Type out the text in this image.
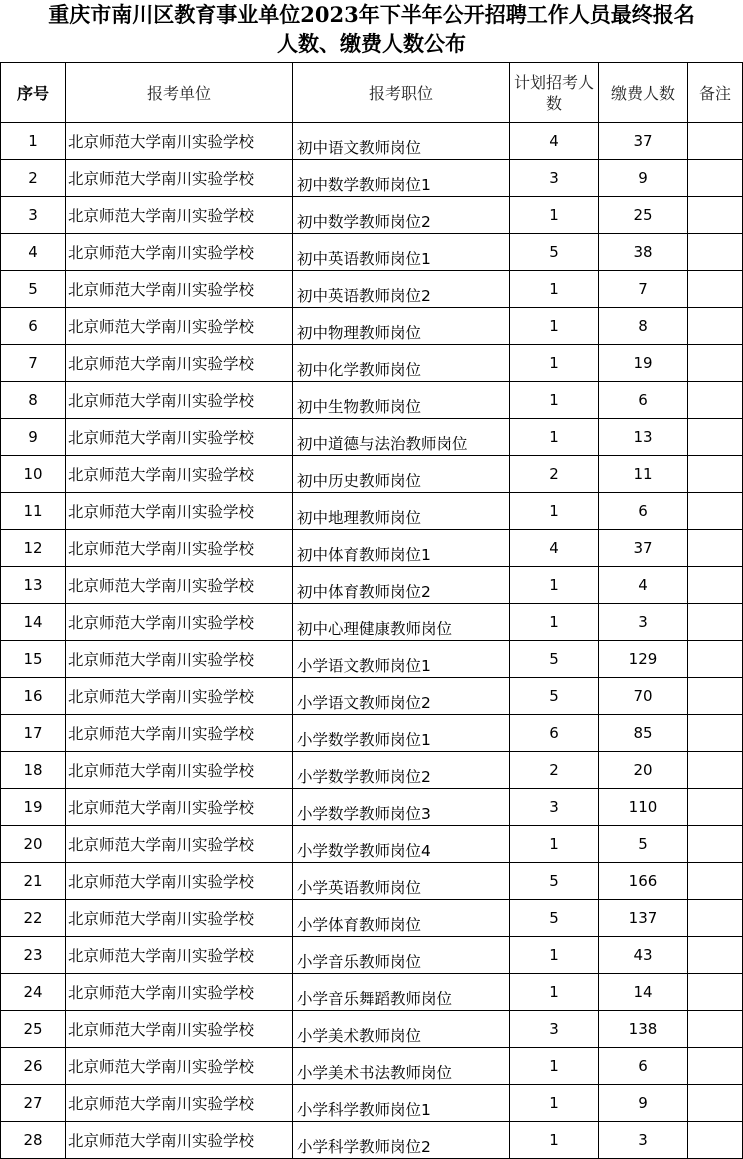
重庆市南川区教育事业单位2023年下半年公开招聘工作人员最终报名
人数、缴费人数公布
序号	报考单位	报考职位	计划招考人数	缴费人数	备注
1	北京师范大学南川实验学校	初中语文教师岗位	4	37	
2	北京师范大学南川实验学校	初中数学教师岗位1	3	9	
3	北京师范大学南川实验学校	初中数学教师岗位2	1	25	
4	北京师范大学南川实验学校	初中英语教师岗位1	5	38	
5	北京师范大学南川实验学校	初中英语教师岗位2	1	7	
6	北京师范大学南川实验学校	初中物理教师岗位	1	8	
7	北京师范大学南川实验学校	初中化学教师岗位	1	19	
8	北京师范大学南川实验学校	初中生物教师岗位	1	6	
9	北京师范大学南川实验学校	初中道德与法治教师岗位	1	13	
10	北京师范大学南川实验学校	初中历史教师岗位	2	11	
11	北京师范大学南川实验学校	初中地理教师岗位	1	6	
12	北京师范大学南川实验学校	初中体育教师岗位1	4	37	
13	北京师范大学南川实验学校	初中体育教师岗位2	1	4	
14	北京师范大学南川实验学校	初中心理健康教师岗位	1	3	
15	北京师范大学南川实验学校	小学语文教师岗位1	5	129	
16	北京师范大学南川实验学校	小学语文教师岗位2	5	70	
17	北京师范大学南川实验学校	小学数学教师岗位1	6	85	
18	北京师范大学南川实验学校	小学数学教师岗位2	2	20	
19	北京师范大学南川实验学校	小学数学教师岗位3	3	110	
20	北京师范大学南川实验学校	小学数学教师岗位4	1	5	
21	北京师范大学南川实验学校	小学英语教师岗位	5	166	
22	北京师范大学南川实验学校	小学体育教师岗位	5	137	
23	北京师范大学南川实验学校	小学音乐教师岗位	1	43	
24	北京师范大学南川实验学校	小学音乐舞蹈教师岗位	1	14	
25	北京师范大学南川实验学校	小学美术教师岗位	3	138	
26	北京师范大学南川实验学校	小学美术书法教师岗位	1	6	
27	北京师范大学南川实验学校	小学科学教师岗位1	1	9	
28	北京师范大学南川实验学校	小学科学教师岗位2	1	3	
